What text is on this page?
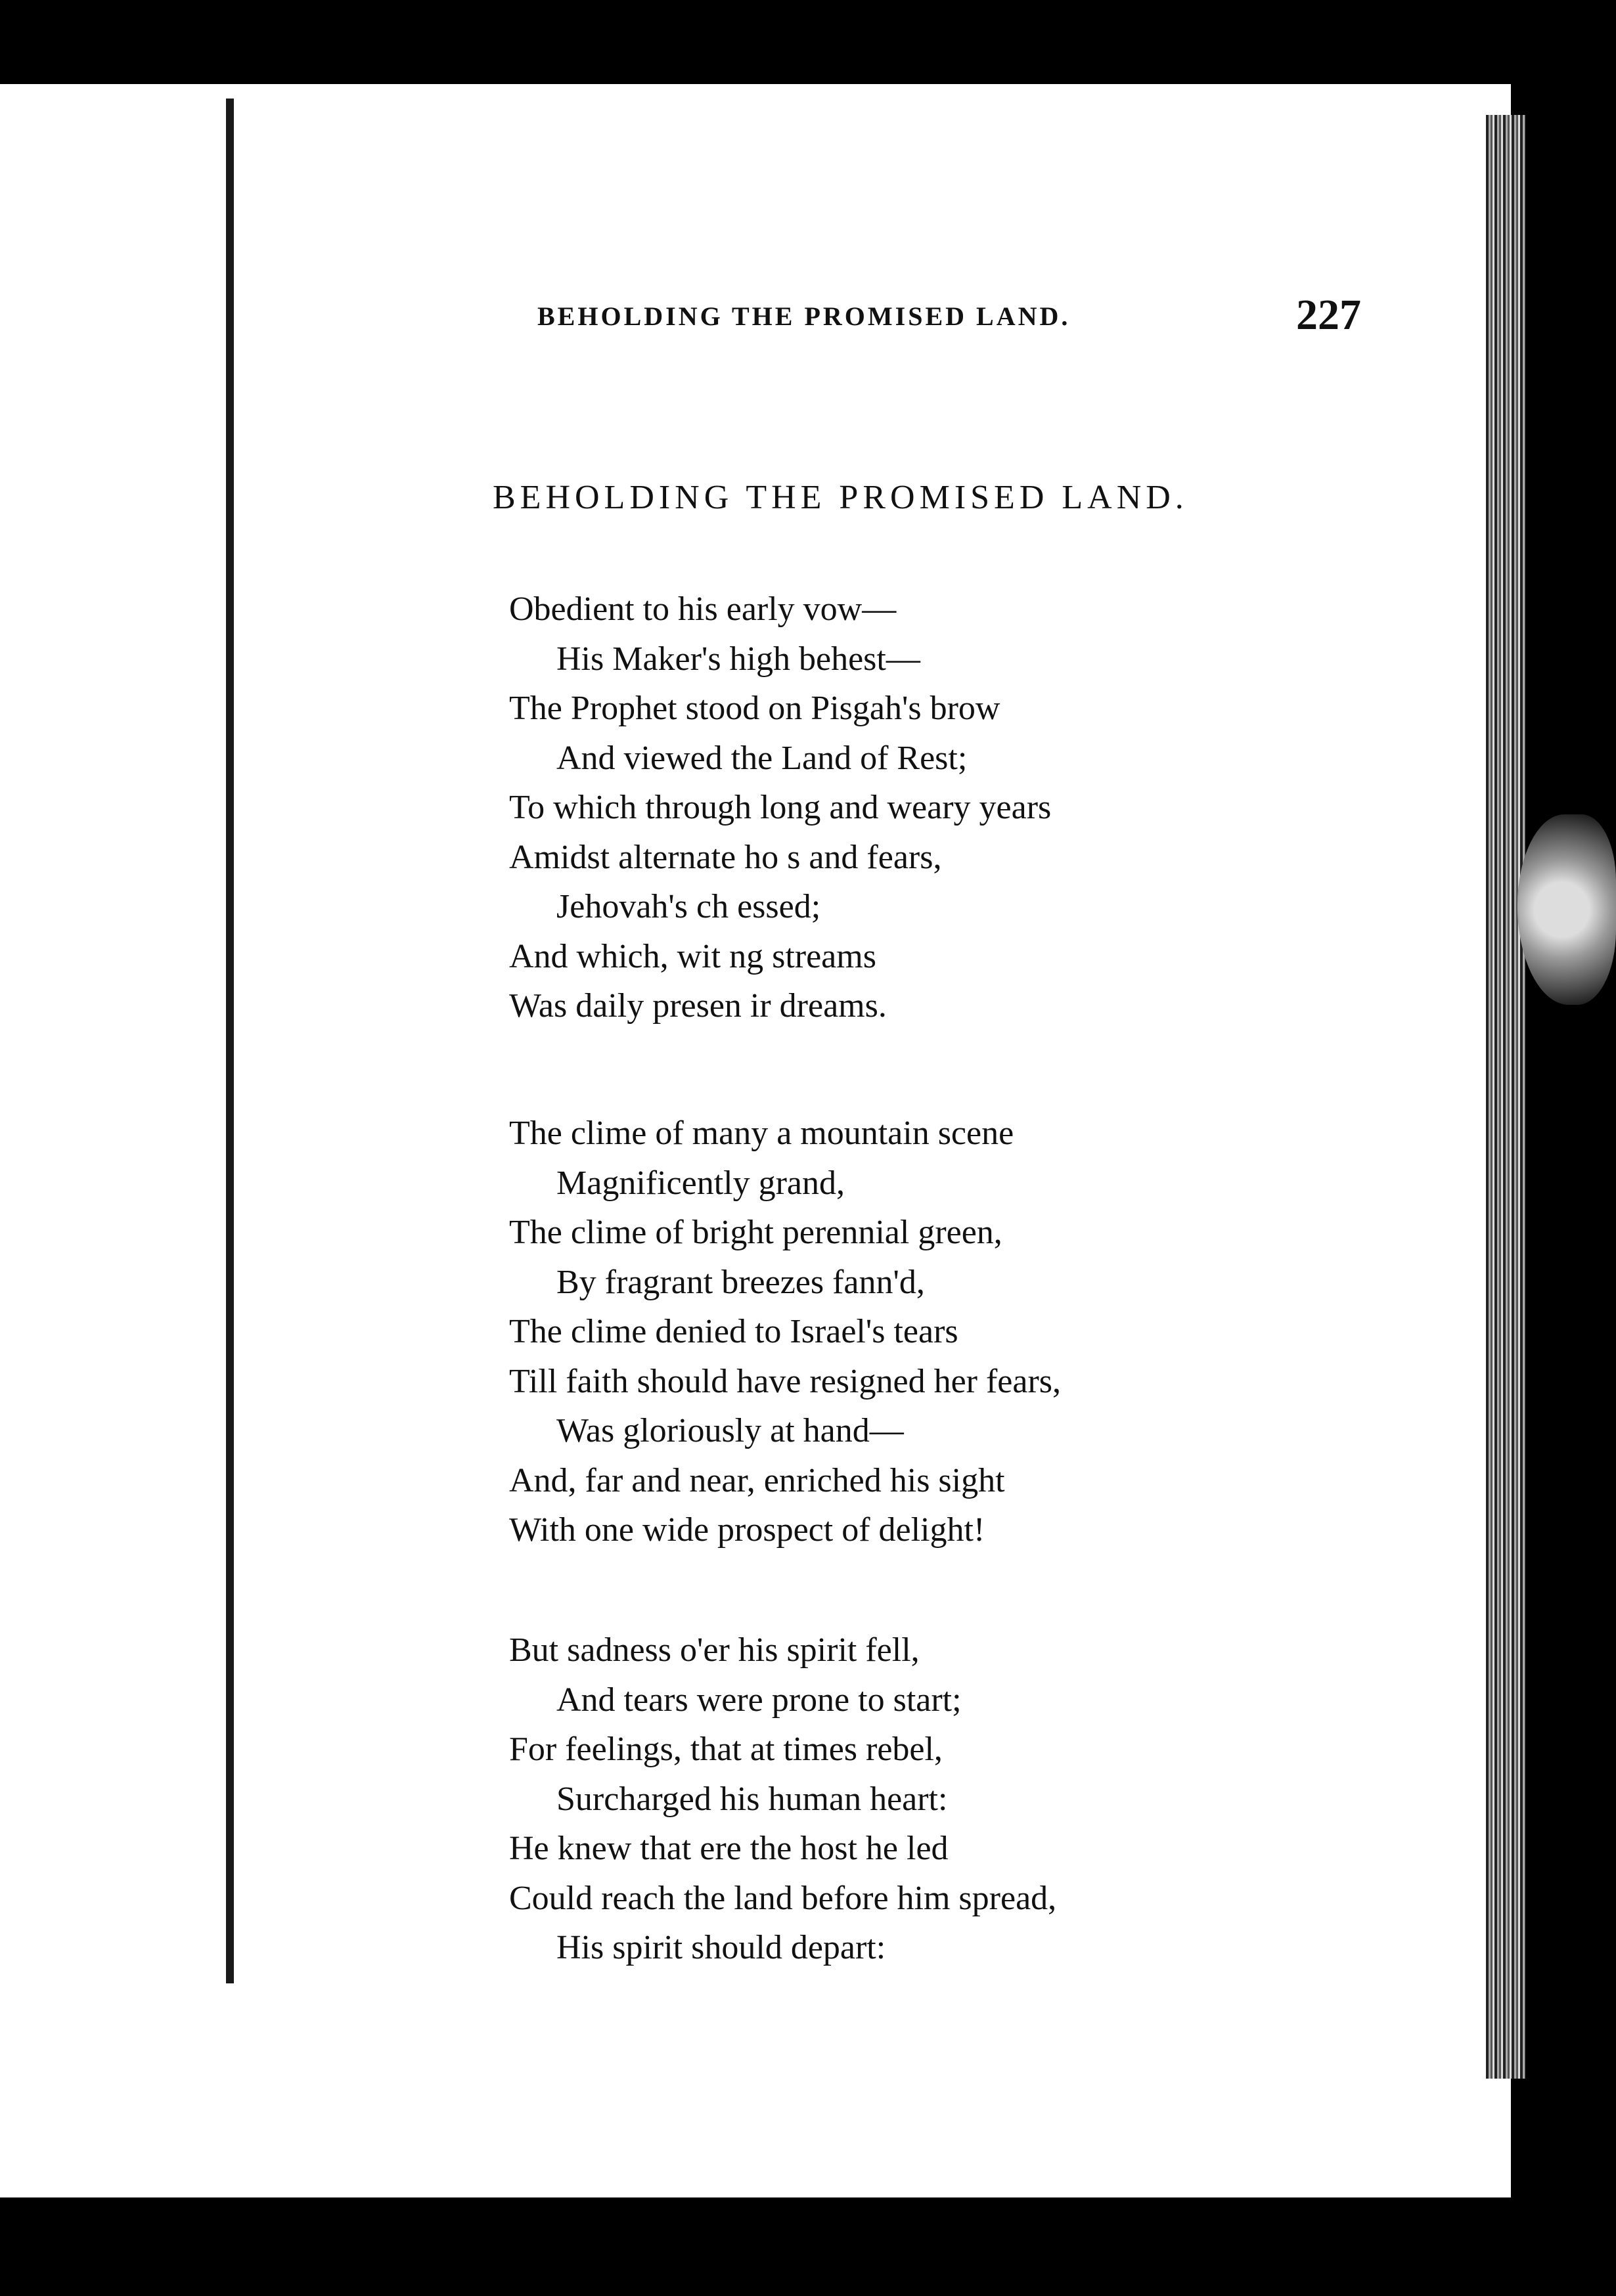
BEHOLDING THE PROMISED LAND.	227
BEHOLDING THE PROMISED LAND.
Obedient to his early vow—
His Maker's high behest—
The Prophet stood on Pisgah's brow
And viewed the Land of Rest;
To which through long and weary years
Amidst alternate ho s and fears,
Jehovah's ch essed;
And which, wit ng streams
Was daily presen ir dreams.
The clime of many a mountain scene
Magnificently grand,
The clime of bright perennial green,
By fragrant breezes fann'd,
The clime denied to Israel's tears
Till faith should have resigned her fears,
Was gloriously at hand—
And, far and near, enriched his sight
With one wide prospect of delight!
But sadness o'er his spirit fell,
And tears were prone to start;
For feelings, that at times rebel,
Surcharged his human heart:
He knew that ere the host he led
Could reach the land before him spread,
His spirit should depart:
